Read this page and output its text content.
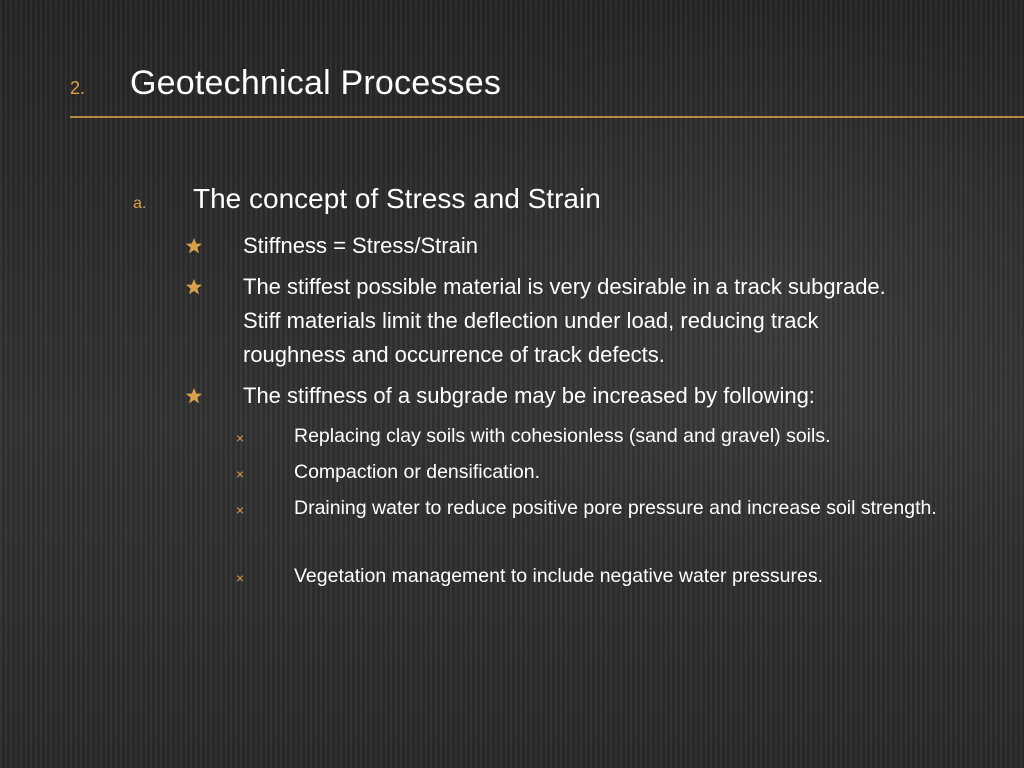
2. Geotechnical Processes
a. The concept of Stress and Strain
Stiffness = Stress/Strain
The stiffest possible material is very desirable in a track subgrade. Stiff materials limit the deflection under load, reducing track roughness and occurrence of track defects.
The stiffness of a subgrade may be increased by following:
×	Replacing clay soils with cohesionless (sand and gravel) soils.
×	Compaction or densification.
×	Draining water to reduce positive pore pressure and increase soil strength.
×	Vegetation management to include negative water pressures.
